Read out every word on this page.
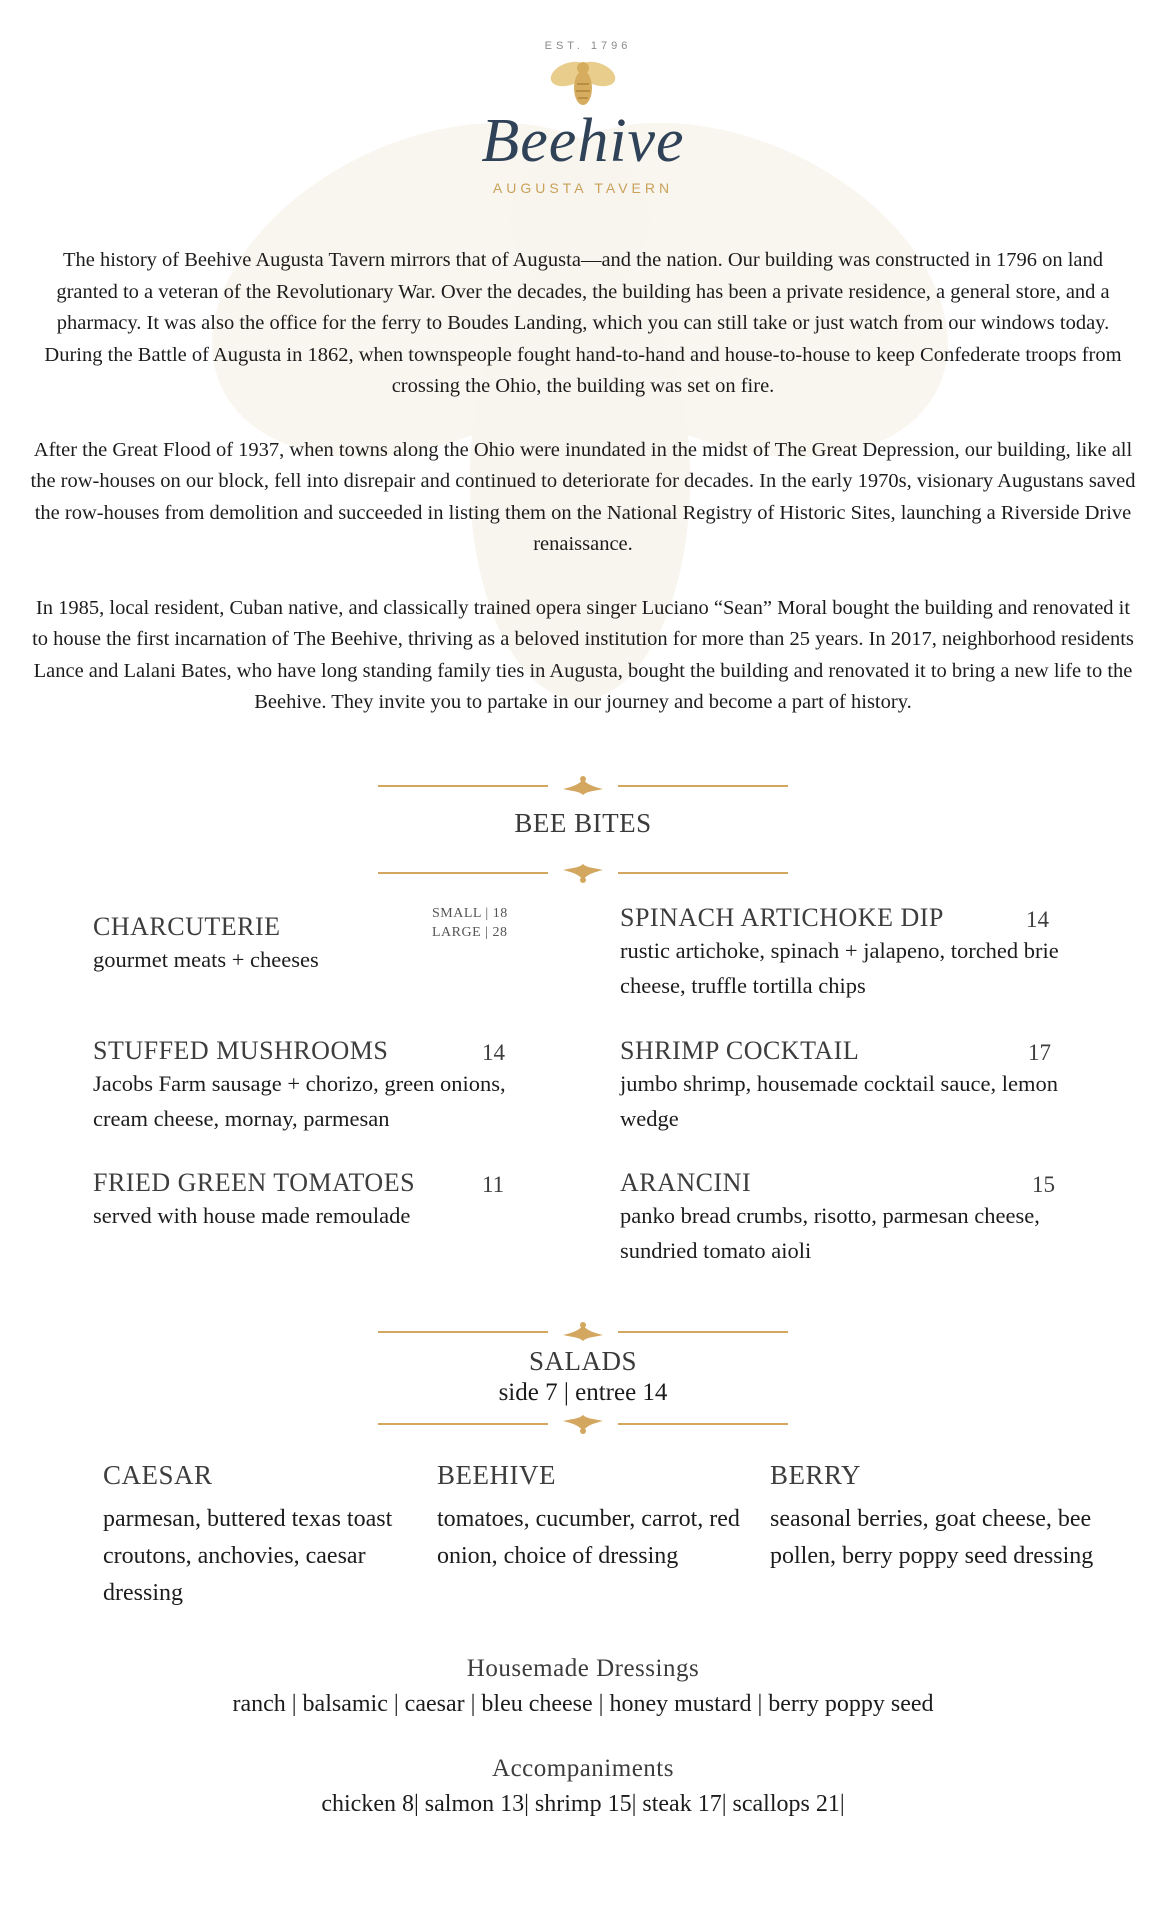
EST. 1796
Beehive
AUGUSTA TAVERN

The history of Beehive Augusta Tavern mirrors that of Augusta—and the nation. Our building was constructed in 1796 on land granted to a veteran of the Revolutionary War. Over the decades, the building has been a private residence, a general store, and a pharmacy. It was also the office for the ferry to Boudes Landing, which you can still take or just watch from our windows today. During the Battle of Augusta in 1862, when townspeople fought hand-to-hand and house-to-house to keep Confederate troops from crossing the Ohio, the building was set on fire.

After the Great Flood of 1937, when towns along the Ohio were inundated in the midst of The Great Depression, our building, like all the row-houses on our block, fell into disrepair and continued to deteriorate for decades. In the early 1970s, visionary Augustans saved the row-houses from demolition and succeeded in listing them on the National Registry of Historic Sites, launching a Riverside Drive renaissance.

In 1985, local resident, Cuban native, and classically trained opera singer Luciano “Sean” Moral bought the building and renovated it to house the first incarnation of The Beehive, thriving as a beloved institution for more than 25 years. In 2017, neighborhood residents Lance and Lalani Bates, who have long standing family ties in Augusta, bought the building and renovated it to bring a new life to the Beehive. They invite you to partake in our journey and become a part of history.

BEE BITES
CHARCUTERIE
gourmet meats + cheeses
SMALL | 18
LARGE | 28
SPINACH ARTICHOKE DIP	14
rustic artichoke, spinach + jalapeno, torched brie cheese, truffle tortilla chips
STUFFED MUSHROOMS	14
Jacobs Farm sausage + chorizo, green onions, cream cheese, mornay, parmesan
SHRIMP COCKTAIL	17
jumbo shrimp, housemade cocktail sauce, lemon wedge
FRIED GREEN TOMATOES	11
served with house made remoulade
ARANCINI	15
panko bread crumbs, risotto, parmesan cheese, sundried tomato aioli
SALADS
side 7 | entree 14
CAESAR
parmesan, buttered texas toast croutons, anchovies, caesar dressing
BEEHIVE
tomatoes, cucumber, carrot, red onion, choice of dressing
BERRY
seasonal berries, goat cheese, bee pollen, berry poppy seed dressing
Housemade Dressings
ranch | balsamic | caesar | bleu cheese | honey mustard | berry poppy seed
Accompaniments
chicken 8| salmon 13| shrimp 15| steak 17| scallops 21|
